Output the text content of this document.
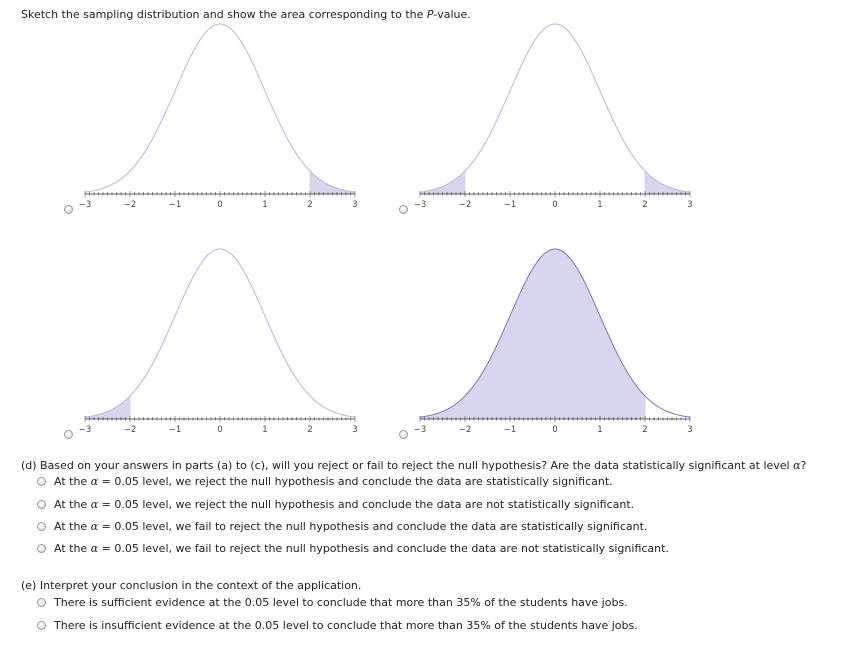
Sketch the sampling distribution and show the area corresponding to the P-value.
−3	−2	−1	0	1	2	3	−3	−2	−1	0	1	2	3
−3	−2	−1	0	1	2	3	−3	−2	−1	0	1	2	3
(d) Based on your answers in parts (a) to (c), will you reject or fail to reject the null hypothesis? Are the data statistically significant at level α?
At the α = 0.05 level, we reject the null hypothesis and conclude the data are statistically significant.
At the α = 0.05 level, we reject the null hypothesis and conclude the data are not statistically significant.
At the α = 0.05 level, we fail to reject the null hypothesis and conclude the data are statistically significant.
At the α = 0.05 level, we fail to reject the null hypothesis and conclude the data are not statistically significant.
(e) Interpret your conclusion in the context of the application.
There is sufficient evidence at the 0.05 level to conclude that more than 35% of the students have jobs.
There is insufficient evidence at the 0.05 level to conclude that more than 35% of the students have jobs.
